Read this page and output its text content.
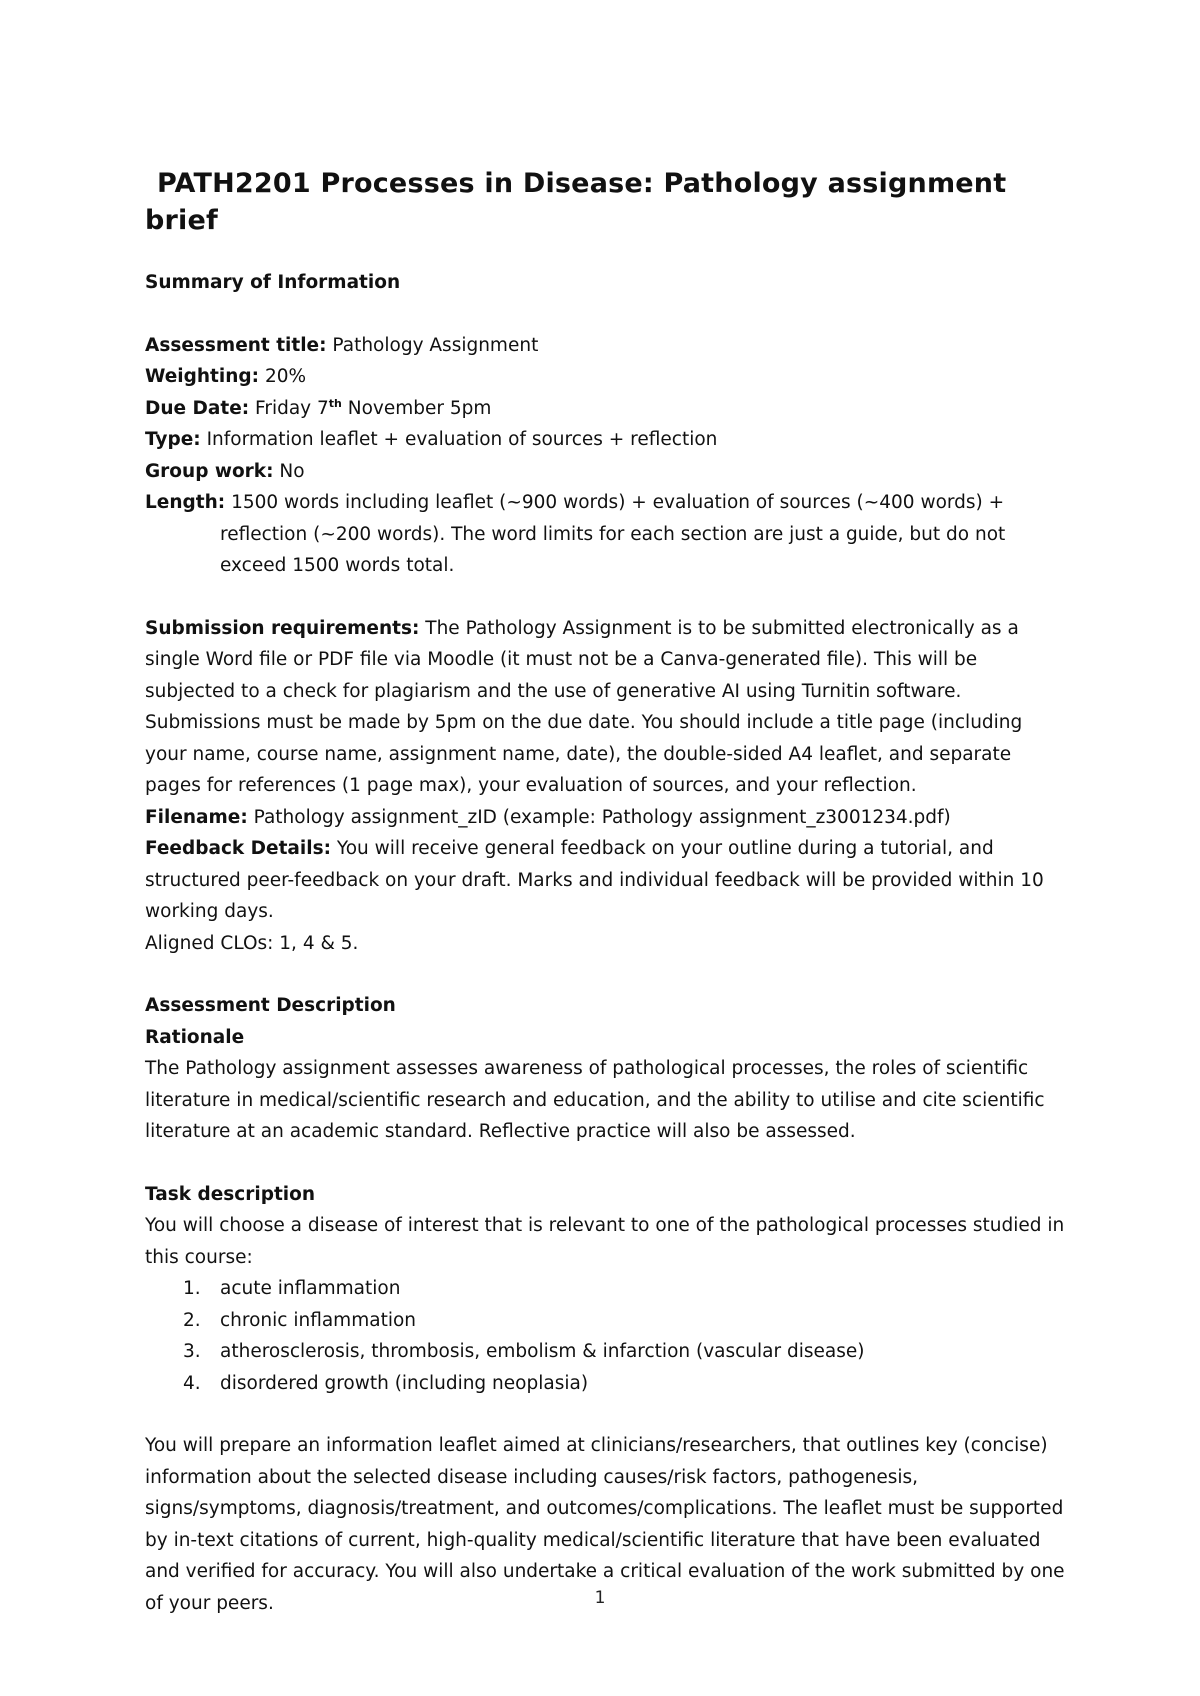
PATH2201 Processes in Disease: Pathology assignment brief

Summary of Information

Assessment title: Pathology Assignment

Weighting: 20%

Due Date: Friday 7th November 5pm

Type: Information leaflet + evaluation of sources + reflection

Group work: No

Length: 1500 words including leaflet (~900 words) + evaluation of sources (~400 words) + reflection (~200 words). The word limits for each section are just a guide, but do not exceed 1500 words total.

Submission requirements: The Pathology Assignment is to be submitted electronically as a single Word file or PDF file via Moodle (it must not be a Canva-generated file). This will be subjected to a check for plagiarism and the use of generative AI using Turnitin software. Submissions must be made by 5pm on the due date. You should include a title page (including your name, course name, assignment name, date), the double-sided A4 leaflet, and separate pages for references (1 page max), your evaluation of sources, and your reflection.

Filename: Pathology assignment_zID (example: Pathology assignment_z3001234.pdf)

Feedback Details: You will receive general feedback on your outline during a tutorial, and structured peer-feedback on your draft. Marks and individual feedback will be provided within 10 working days.

Aligned CLOs: 1, 4 & 5.

Assessment Description

Rationale

The Pathology assignment assesses awareness of pathological processes, the roles of scientific literature in medical/scientific research and education, and the ability to utilise and cite scientific literature at an academic standard. Reflective practice will also be assessed.

Task description

You will choose a disease of interest that is relevant to one of the pathological processes studied in this course:

1. acute inflammation
2. chronic inflammation
3. atherosclerosis, thrombosis, embolism & infarction (vascular disease)
4. disordered growth (including neoplasia)

You will prepare an information leaflet aimed at clinicians/researchers, that outlines key (concise) information about the selected disease including causes/risk factors, pathogenesis, signs/symptoms, diagnosis/treatment, and outcomes/complications. The leaflet must be supported by in-text citations of current, high-quality medical/scientific literature that have been evaluated and verified for accuracy. You will also undertake a critical evaluation of the work submitted by one of your peers.	1
